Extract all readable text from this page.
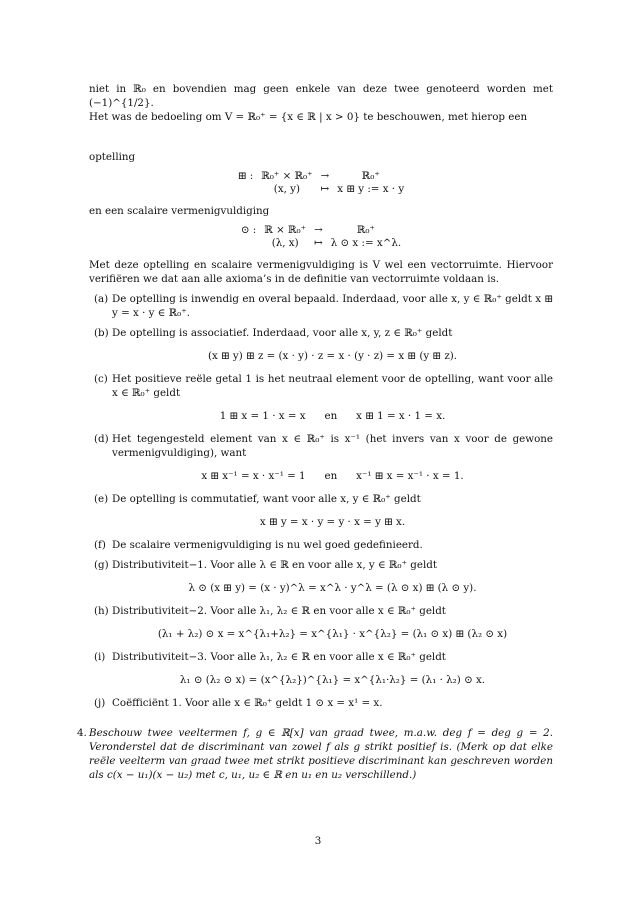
niet in ℝ₀ en bovendien mag geen enkele van deze twee genoteerd worden met (−1)^{1/2}.

Het was de bedoeling om V = ℝ₀⁺ = {x ∈ ℝ | x > 0} te beschouwen, met hierop een

optelling

⊞ :	ℝ₀⁺ × ℝ₀⁺	→	ℝ₀⁺
	(x, y)	↦	x ⊞ y := x · y

en een scalaire vermenigvuldiging

⊙ :	ℝ × ℝ₀⁺	→	ℝ₀⁺
	(λ, x)	↦	λ ⊙ x := x^λ.

Met deze optelling en scalaire vermenigvuldiging is V wel een vectorruimte. Hiervoor verifiëren we dat aan alle axioma’s in de definitie van vectorruimte voldaan is.

(a) De optelling is inwendig en overal bepaald. Inderdaad, voor alle x, y ∈ ℝ₀⁺ geldt x ⊞ y = x · y ∈ ℝ₀⁺.

(b) De optelling is associatief. Inderdaad, voor alle x, y, z ∈ ℝ₀⁺ geldt

(x ⊞ y) ⊞ z = (x · y) · z = x · (y · z) = x ⊞ (y ⊞ z).
(c) Het positieve reële getal 1 is het neutraal element voor de optelling, want voor alle x ∈ ℝ₀⁺ geldt

1 ⊞ x = 1 · x = x en x ⊞ 1 = x · 1 = x.
(d) Het tegengesteld element van x ∈ ℝ₀⁺ is x⁻¹ (het invers van x voor de gewone vermenigvuldiging), want

x ⊞ x⁻¹ = x · x⁻¹ = 1 en x⁻¹ ⊞ x = x⁻¹ · x = 1.
(e) De optelling is commutatief, want voor alle x, y ∈ ℝ₀⁺ geldt

x ⊞ y = x · y = y · x = y ⊞ x.
(f) De scalaire vermenigvuldiging is nu wel goed gedefinieerd.

(g) Distributiviteit−1. Voor alle λ ∈ ℝ en voor alle x, y ∈ ℝ₀⁺ geldt

λ ⊙ (x ⊞ y) = (x · y)^λ = x^λ · y^λ = (λ ⊙ x) ⊞ (λ ⊙ y).
(h) Distributiviteit−2. Voor alle λ₁, λ₂ ∈ ℝ en voor alle x ∈ ℝ₀⁺ geldt

(λ₁ + λ₂) ⊙ x = x^{λ₁+λ₂} = x^{λ₁} · x^{λ₂} = (λ₁ ⊙ x) ⊞ (λ₂ ⊙ x)
(i) Distributiviteit−3. Voor alle λ₁, λ₂ ∈ ℝ en voor alle x ∈ ℝ₀⁺ geldt

λ₁ ⊙ (λ₂ ⊙ x) = (x^{λ₂})^{λ₁} = x^{λ₁·λ₂} = (λ₁ · λ₂) ⊙ x.
(j) Coëfficiënt 1. Voor alle x ∈ ℝ₀⁺ geldt 1 ⊙ x = x¹ = x.

4. Beschouw twee veeltermen f, g ∈ ℝ[x] van graad twee, m.a.w. deg f = deg g = 2. Veronderstel dat de discriminant van zowel f als g strikt positief is. (Merk op dat elke reële veelterm van graad twee met strikt positieve discriminant kan geschreven worden als c(x − u₁)(x − u₂) met c, u₁, u₂ ∈ ℝ en u₁ en u₂ verschillend.)

3
